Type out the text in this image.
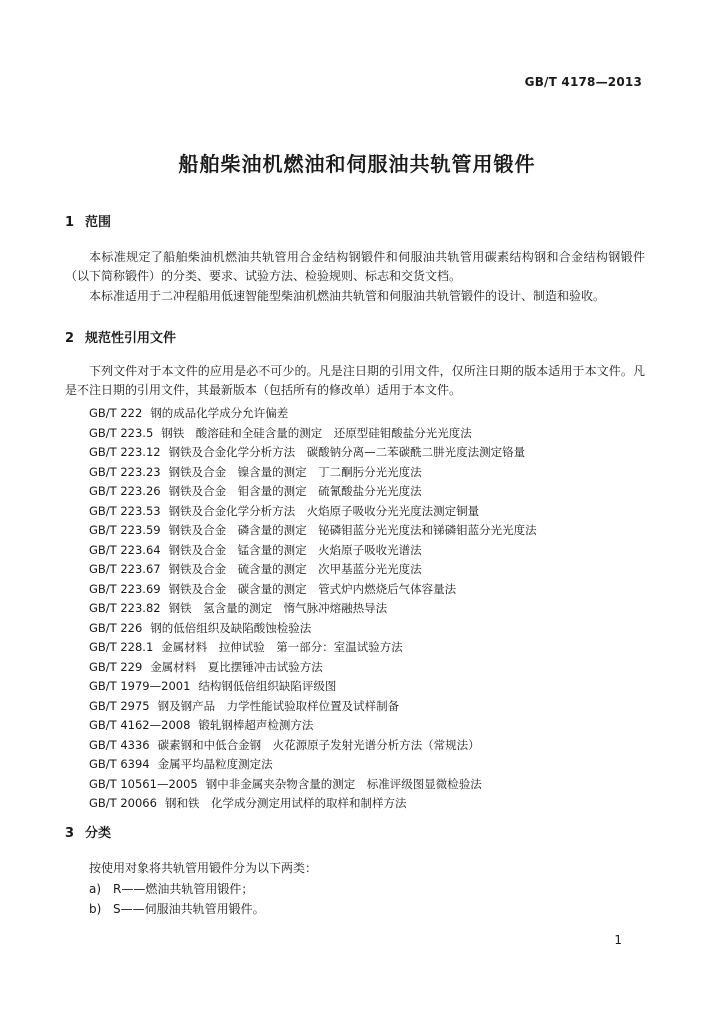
GB/T 4178—2013
船舶柴油机燃油和伺服油共轨管用锻件
1 范围
本标准规定了船舶柴油机燃油共轨管用合金结构钢锻件和伺服油共轨管用碳素结构钢和合金结构钢锻件（以下简称锻件）的分类、要求、试验方法、检验规则、标志和交货文档。
本标准适用于二冲程船用低速智能型柴油机燃油共轨管和伺服油共轨管锻件的设计、制造和验收。
2 规范性引用文件
下列文件对于本文件的应用是必不可少的。凡是注日期的引用文件，仅所注日期的版本适用于本文件。凡是不注日期的引用文件，其最新版本（包括所有的修改单）适用于本文件。
GB/T 222 钢的成品化学成分允许偏差
GB/T 223.5 钢铁　酸溶硅和全硅含量的测定　还原型硅钼酸盐分光光度法
GB/T 223.12 钢铁及合金化学分析方法　碳酸钠分离—二苯碳酰二肼光度法测定铬量
GB/T 223.23 钢铁及合金　镍含量的测定　丁二酮肟分光光度法
GB/T 223.26 钢铁及合金　钼含量的测定　硫氰酸盐分光光度法
GB/T 223.53 钢铁及合金化学分析方法　火焰原子吸收分光光度法测定铜量
GB/T 223.59 钢铁及合金　磷含量的测定　铋磷钼蓝分光光度法和锑磷钼蓝分光光度法
GB/T 223.64 钢铁及合金　锰含量的测定　火焰原子吸收光谱法
GB/T 223.67 钢铁及合金　硫含量的测定　次甲基蓝分光光度法
GB/T 223.69 钢铁及合金　碳含量的测定　管式炉内燃烧后气体容量法
GB/T 223.82 钢铁　氢含量的测定　惰气脉冲熔融热导法
GB/T 226 钢的低倍组织及缺陷酸蚀检验法
GB/T 228.1 金属材料　拉伸试验　第一部分：室温试验方法
GB/T 229 金属材料　夏比摆锤冲击试验方法
GB/T 1979—2001 结构钢低倍组织缺陷评级图
GB/T 2975 钢及钢产品　力学性能试验取样位置及试样制备
GB/T 4162—2008 锻轧钢棒超声检测方法
GB/T 4336 碳素钢和中低合金钢　火花源原子发射光谱分析方法（常规法）
GB/T 6394 金属平均晶粒度测定法
GB/T 10561—2005 钢中非金属夹杂物含量的测定　标准评级图显微检验法
GB/T 20066 钢和铁　化学成分测定用试样的取样和制样方法
3 分类
按使用对象将共轨管用锻件分为以下两类：
a) R——燃油共轨管用锻件；
b) S——伺服油共轨管用锻件。
1
